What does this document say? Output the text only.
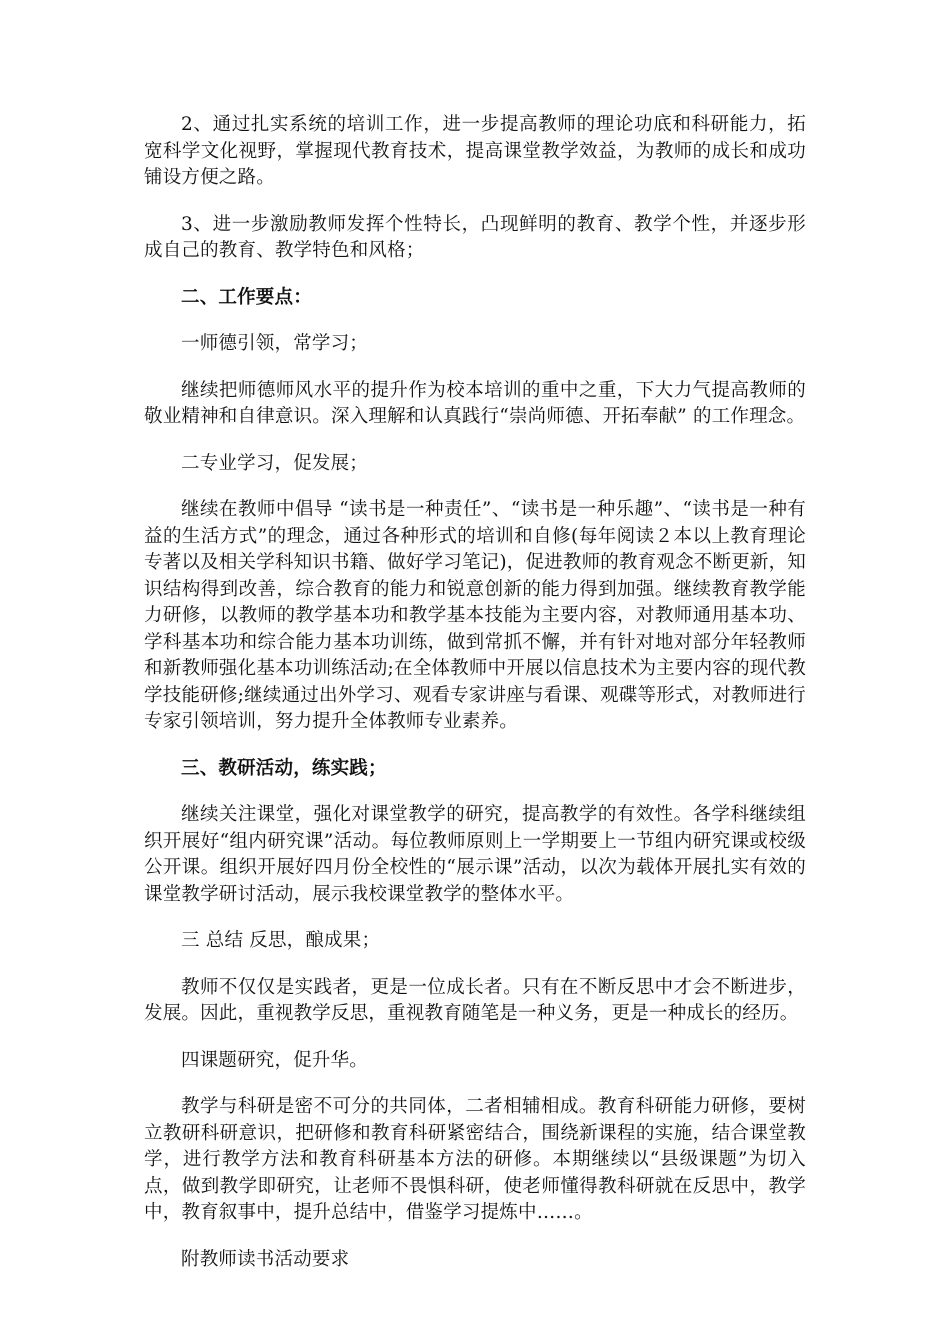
2、通过扎实系统的培训工作，进一步提高教师的理论功底和科研能力，拓宽科学文化视野，掌握现代教育技术，提高课堂教学效益，为教师的成长和成功铺设方便之路。

3、进一步激励教师发挥个性特长，凸现鲜明的教育、教学个性，并逐步形成自己的教育、教学特色和风格；

二、工作要点：

一师德引领，常学习；

继续把师德师风水平的提升作为校本培训的重中之重，下大力气提高教师的敬业精神和自律意识。深入理解和认真践行“崇尚师德、开拓奉献” 的工作理念。

二专业学习，促发展；

继续在教师中倡导 “读书是一种责任”、“读书是一种乐趣”、“读书是一种有益的生活方式”的理念，通过各种形式的培训和自修(每年阅读２本以上教育理论专著以及相关学科知识书籍、做好学习笔记)，促进教师的教育观念不断更新，知识结构得到改善，综合教育的能力和锐意创新的能力得到加强。继续教育教学能力研修，以教师的教学基本功和教学基本技能为主要内容，对教师通用基本功、学科基本功和综合能力基本功训练，做到常抓不懈，并有针对地对部分年轻教师和新教师强化基本功训练活动;在全体教师中开展以信息技术为主要内容的现代教学技能研修;继续通过出外学习、观看专家讲座与看课、观碟等形式，对教师进行专家引领培训，努力提升全体教师专业素养。

三、教研活动，练实践；

继续关注课堂，强化对课堂教学的研究，提高教学的有效性。各学科继续组织开展好“组内研究课”活动。每位教师原则上一学期要上一节组内研究课或校级公开课。组织开展好四月份全校性的“展示课”活动，以次为载体开展扎实有效的课堂教学研讨活动，展示我校课堂教学的整体水平。

三 总结 反思，酿成果；

教师不仅仅是实践者，更是一位成长者。只有在不断反思中才会不断进步，发展。因此，重视教学反思，重视教育随笔是一种义务，更是一种成长的经历。

四课题研究，促升华。

教学与科研是密不可分的共同体，二者相辅相成。教育科研能力研修，要树立教研科研意识，把研修和教育科研紧密结合，围绕新课程的实施，结合课堂教学，进行教学方法和教育科研基本方法的研修。本期继续以“县级课题”为切入点，做到教学即研究，让老师不畏惧科研，使老师懂得教科研就在反思中，教学中，教育叙事中，提升总结中，借鉴学习提炼中……。

附教师读书活动要求
